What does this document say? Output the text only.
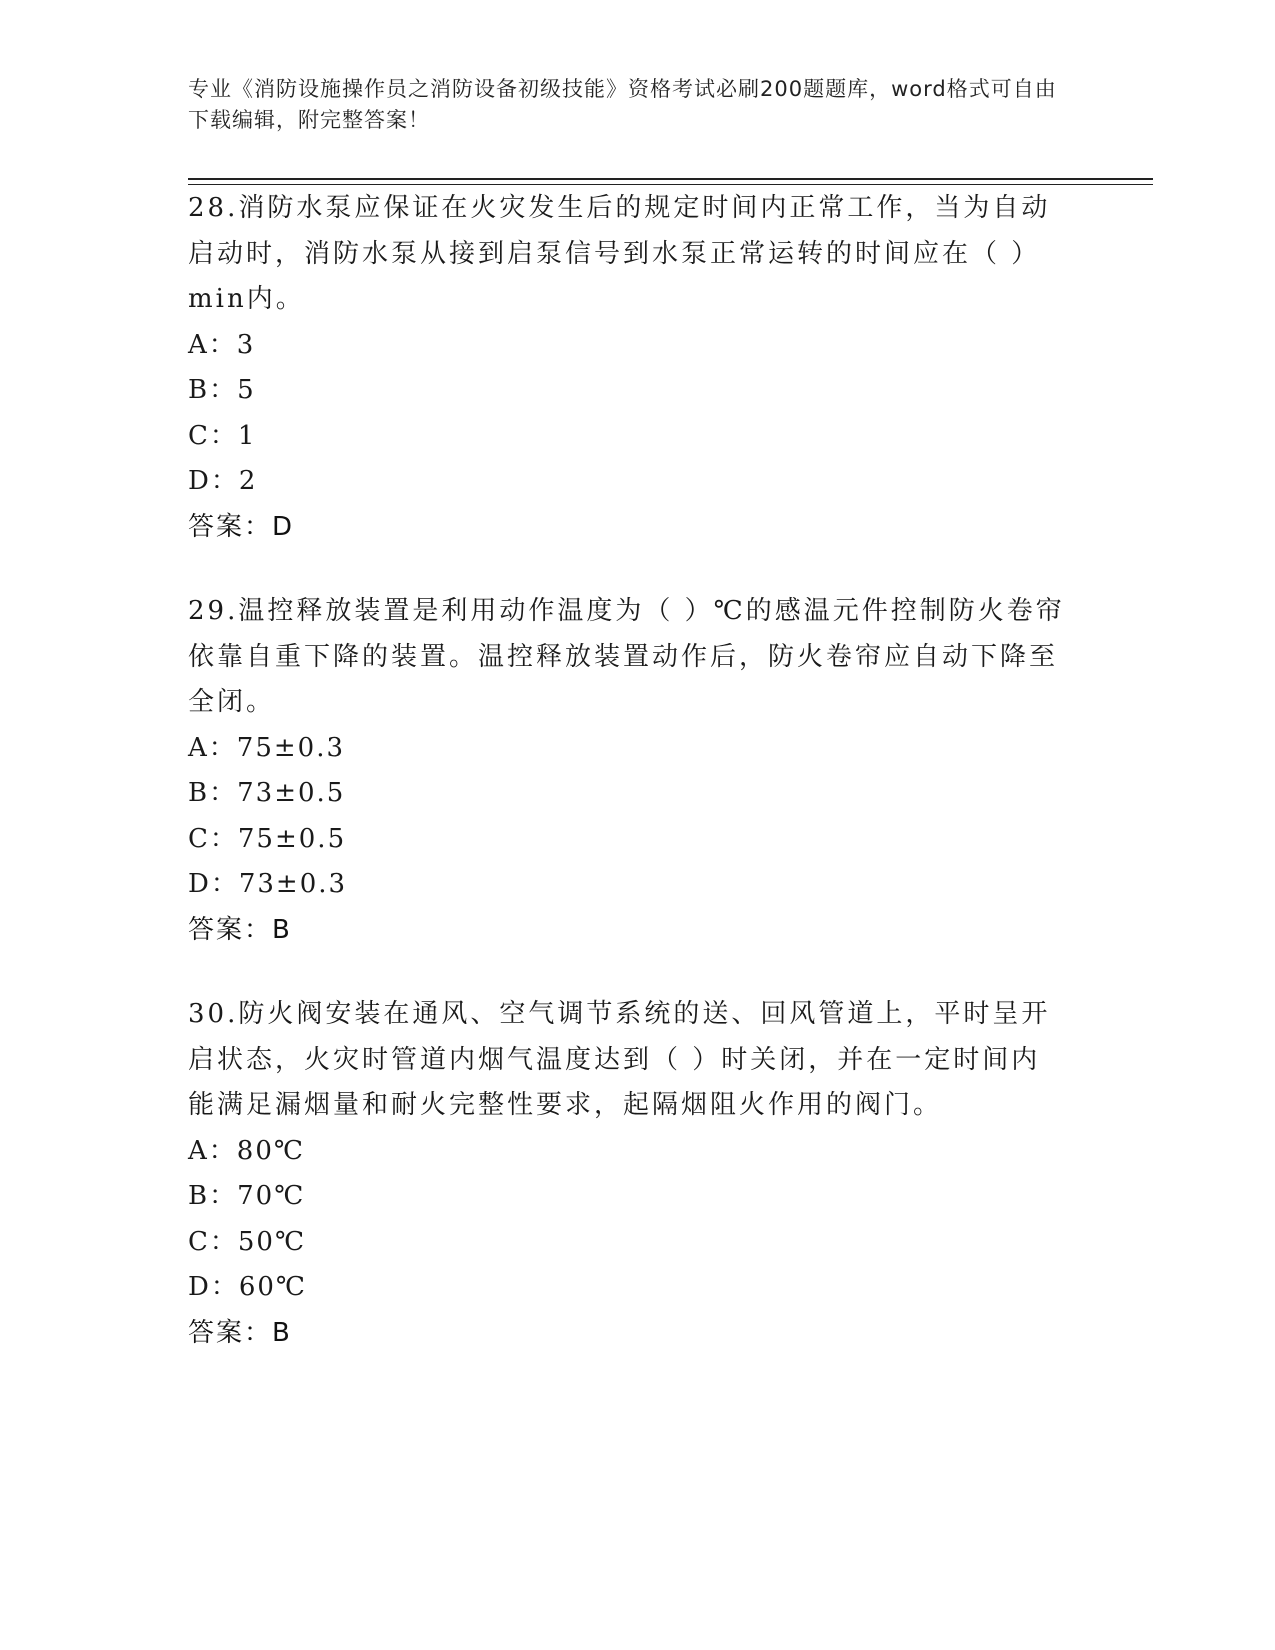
专业《消防设施操作员之消防设备初级技能》资格考试必刷200题题库，word格式可自由下载编辑，附完整答案！

28.消防水泵应保证在火灾发生后的规定时间内正常工作，当为自动启动时，消防水泵从接到启泵信号到水泵正常运转的时间应在（ ）min内。

A：3

B：5

C：1

D：2

答案：D

29.温控释放装置是利用动作温度为（ ）℃的感温元件控制防火卷帘依靠自重下降的装置。温控释放装置动作后，防火卷帘应自动下降至全闭。

A：75±0.3

B：73±0.5

C：75±0.5

D：73±0.3

答案：B

30.防火阀安装在通风、空气调节系统的送、回风管道上，平时呈开启状态，火灾时管道内烟气温度达到（ ）时关闭，并在一定时间内能满足漏烟量和耐火完整性要求，起隔烟阻火作用的阀门。

A：80℃

B：70℃

C：50℃

D：60℃

答案：B
